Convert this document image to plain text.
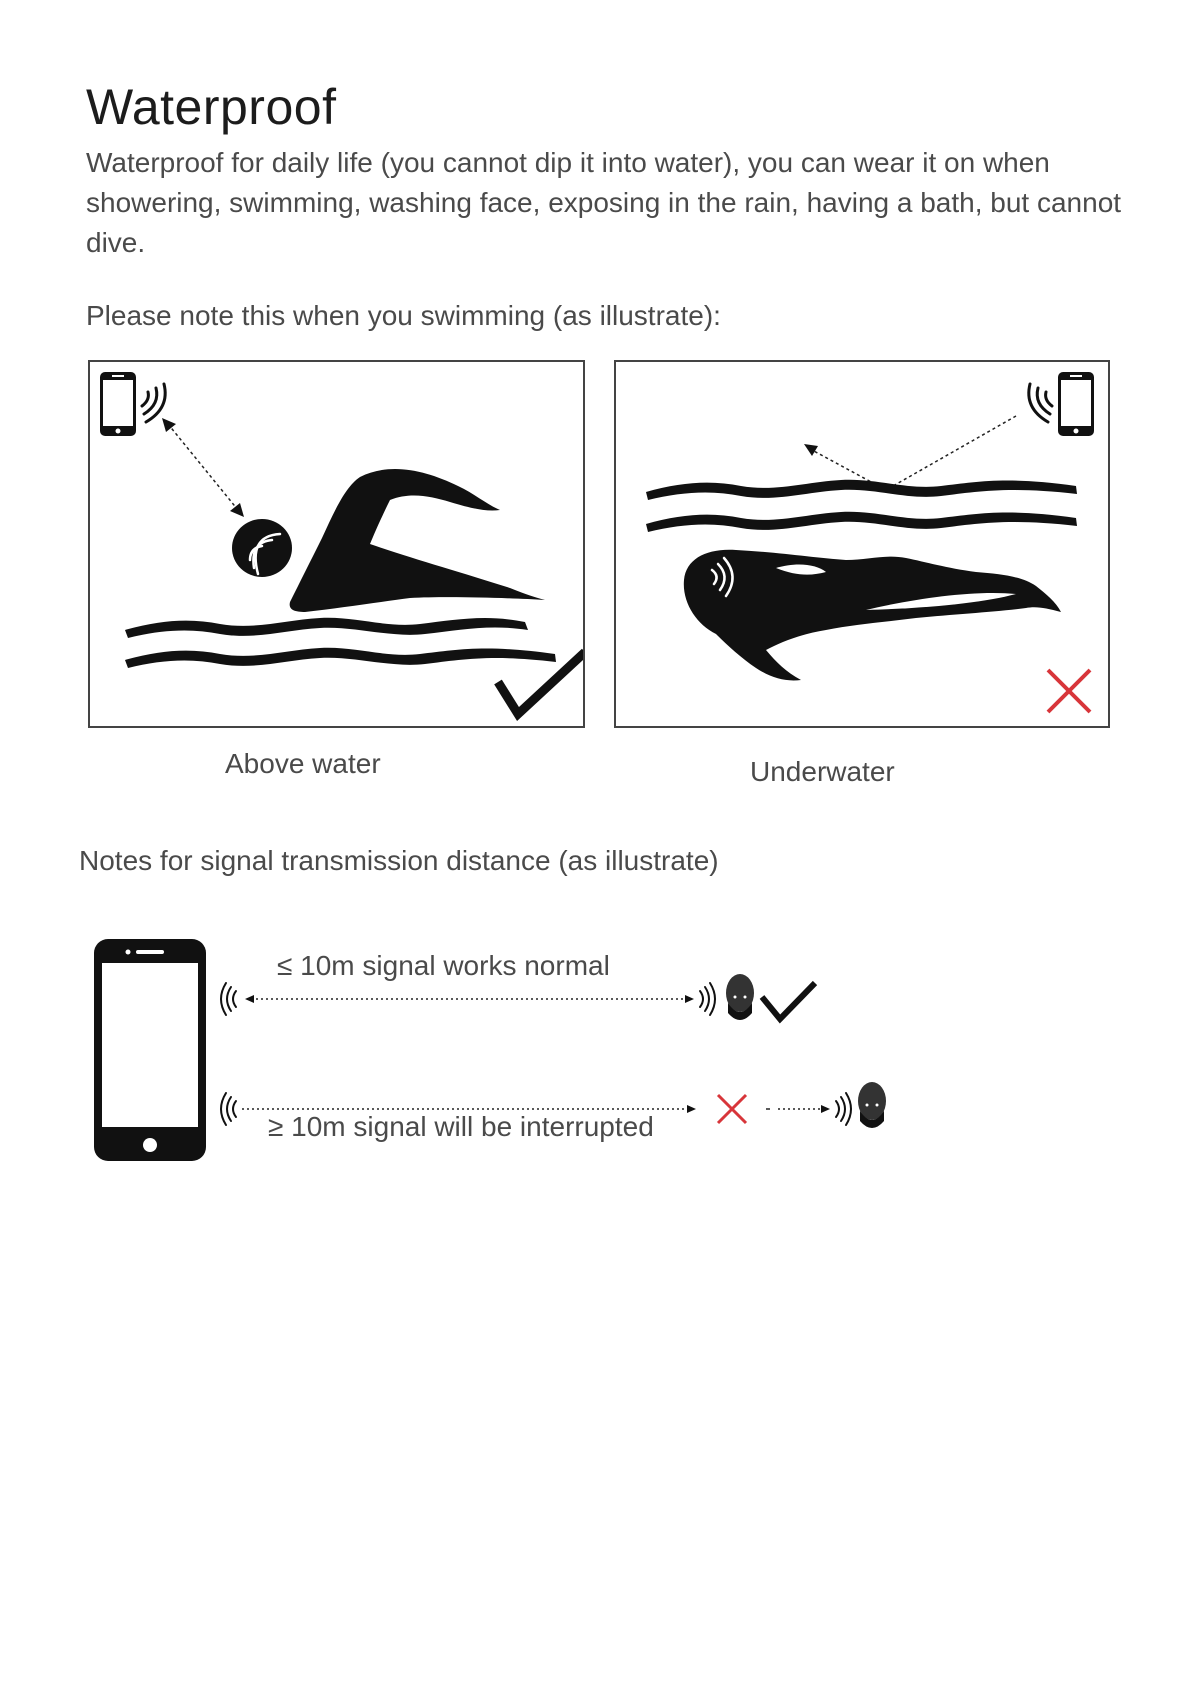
Waterproof
Waterproof for daily life (you cannot dip it into water), you can wear it on when showering, swimming, washing face, exposing in the rain, having a bath, but cannot dive.
Please note this when you swimming (as illustrate):
Above water	Underwater
Notes for signal transmission distance (as illustrate)
≤ 10m signal works normal
≥ 10m signal will be interrupted
